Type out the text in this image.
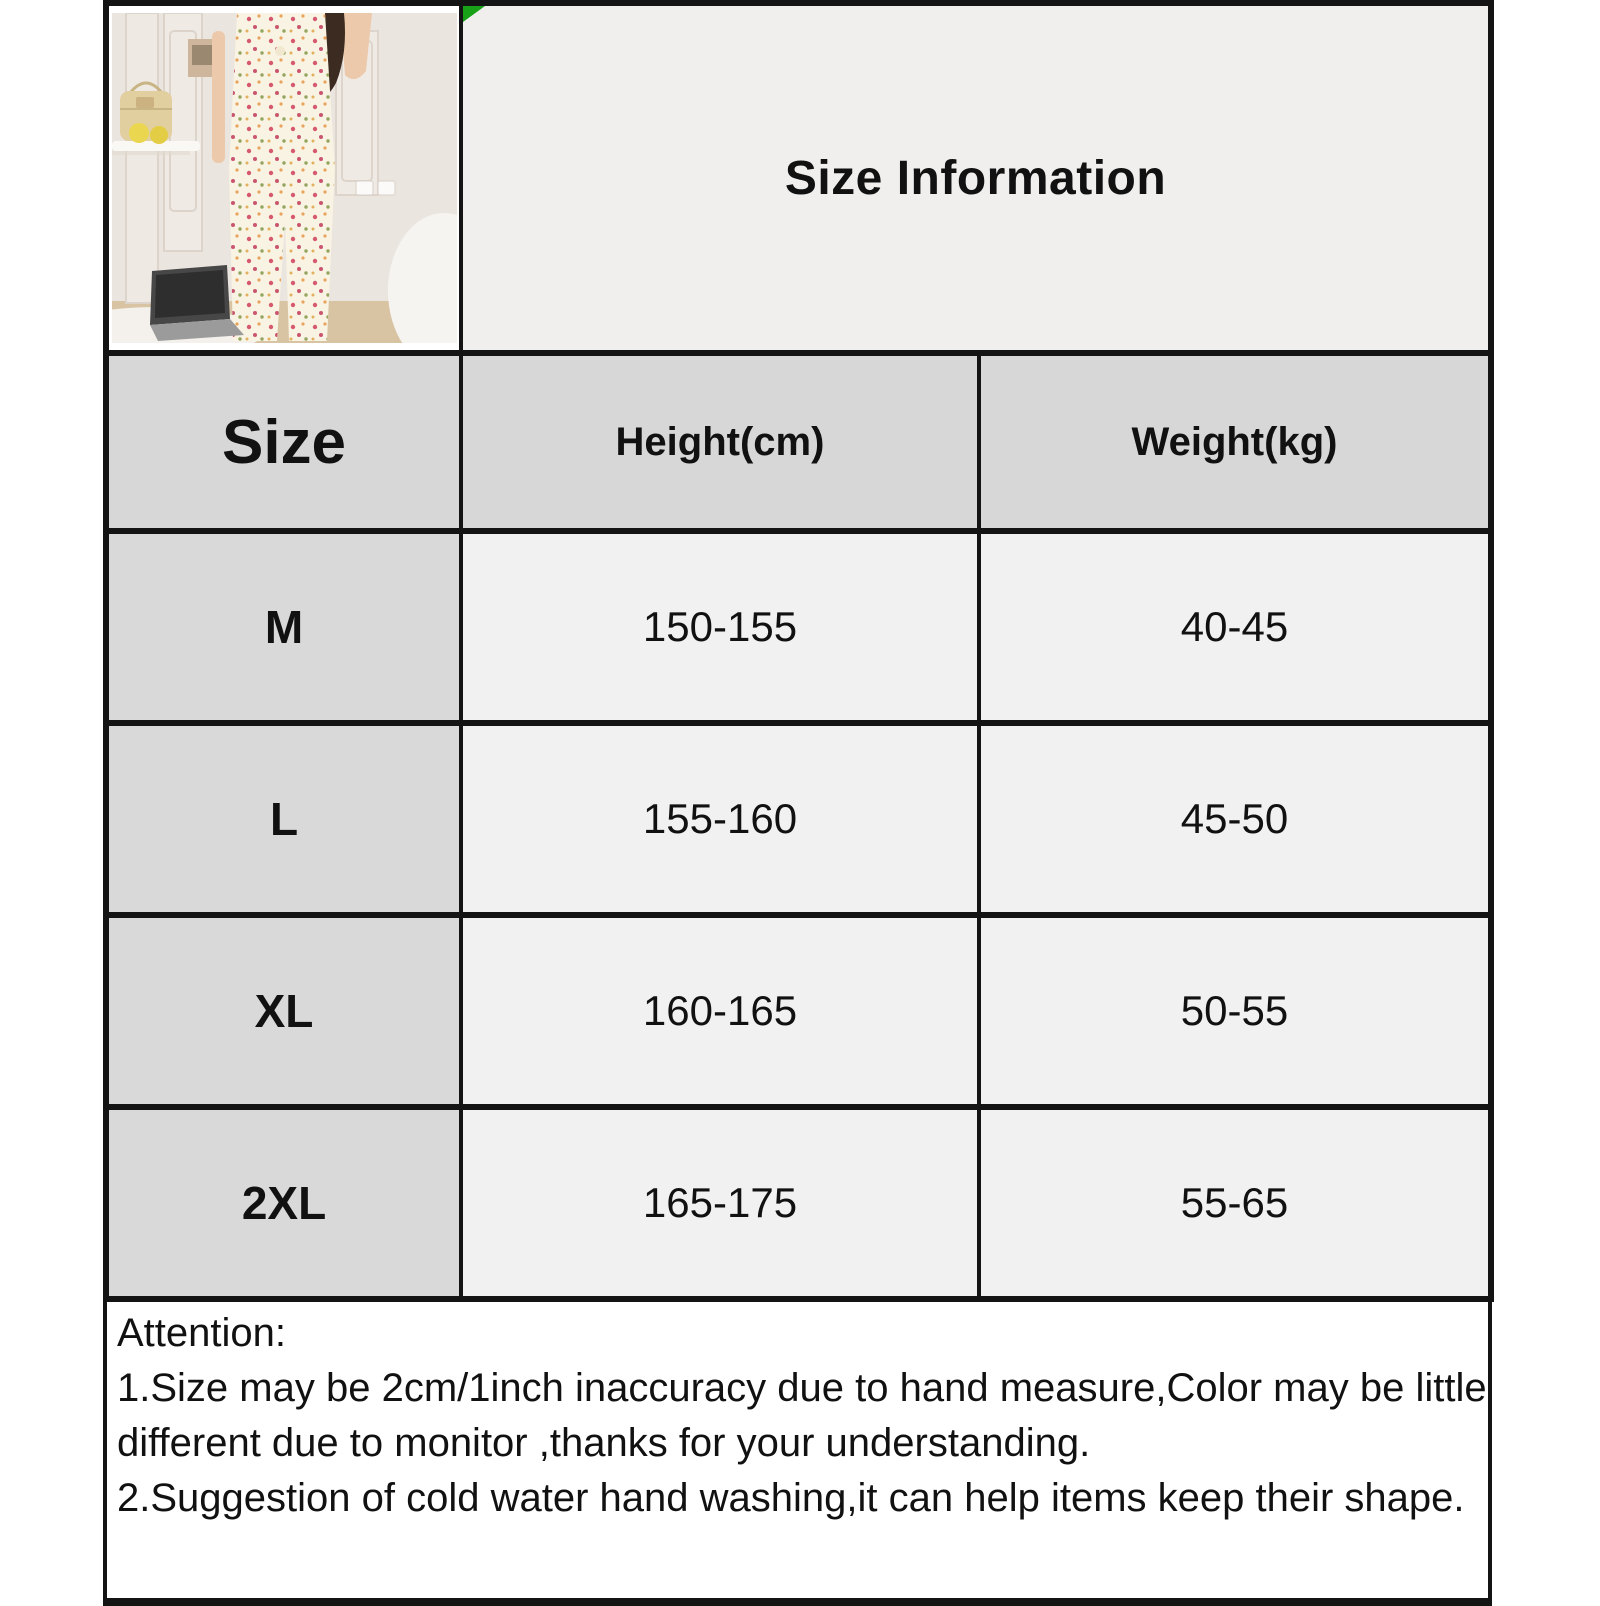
Size Information	
Size	Height(cm)	Weight(kg)
M	150-155	40-45
L	155-160	45-50
XL	160-165	50-55
2XL	165-175	55-65
Attention:
1.Size may be 2cm/1inch inaccuracy due to hand measure,Color may be little
different due to monitor ,thanks for your understanding.
2.Suggestion of cold water hand washing,it can help items keep their shape.
